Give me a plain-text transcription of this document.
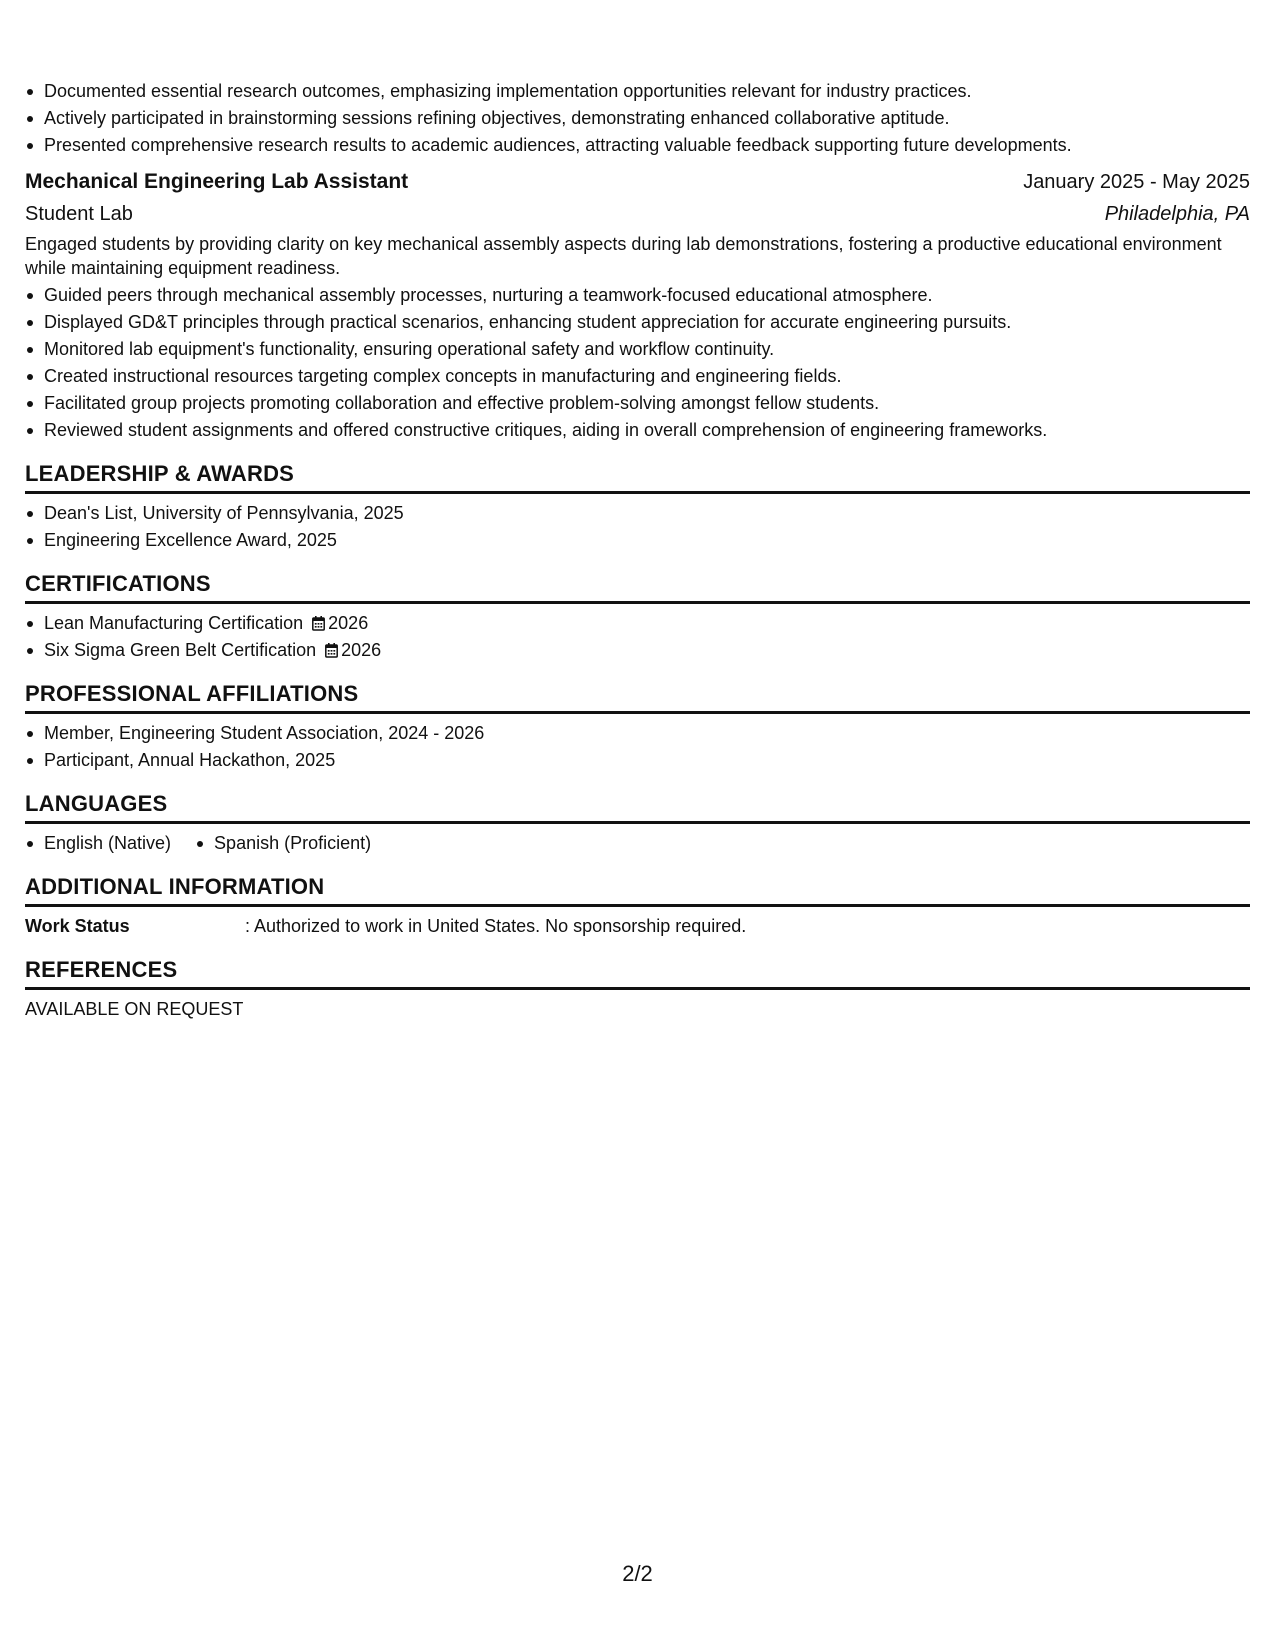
Documented essential research outcomes, emphasizing implementation opportunities relevant for industry practices.
Actively participated in brainstorming sessions refining objectives, demonstrating enhanced collaborative aptitude.
Presented comprehensive research results to academic audiences, attracting valuable feedback supporting future developments.
Mechanical Engineering Lab Assistant	January 2025 - May 2025
Student Lab	Philadelphia, PA
Engaged students by providing clarity on key mechanical assembly aspects during lab demonstrations, fostering a productive educational environment while maintaining equipment readiness.
Guided peers through mechanical assembly processes, nurturing a teamwork-focused educational atmosphere.
Displayed GD&T principles through practical scenarios, enhancing student appreciation for accurate engineering pursuits.
Monitored lab equipment's functionality, ensuring operational safety and workflow continuity.
Created instructional resources targeting complex concepts in manufacturing and engineering fields.
Facilitated group projects promoting collaboration and effective problem-solving amongst fellow students.
Reviewed student assignments and offered constructive critiques, aiding in overall comprehension of engineering frameworks.
LEADERSHIP & AWARDS
Dean's List, University of Pennsylvania, 2025
Engineering Excellence Award, 2025
CERTIFICATIONS
Lean Manufacturing Certification 2026
Six Sigma Green Belt Certification 2026
PROFESSIONAL AFFILIATIONS
Member, Engineering Student Association, 2024 - 2026
Participant, Annual Hackathon, 2025
LANGUAGES
English (Native)	Spanish (Proficient)
ADDITIONAL INFORMATION
Work Status	: Authorized to work in United States. No sponsorship required.
REFERENCES
AVAILABLE ON REQUEST
2/2
